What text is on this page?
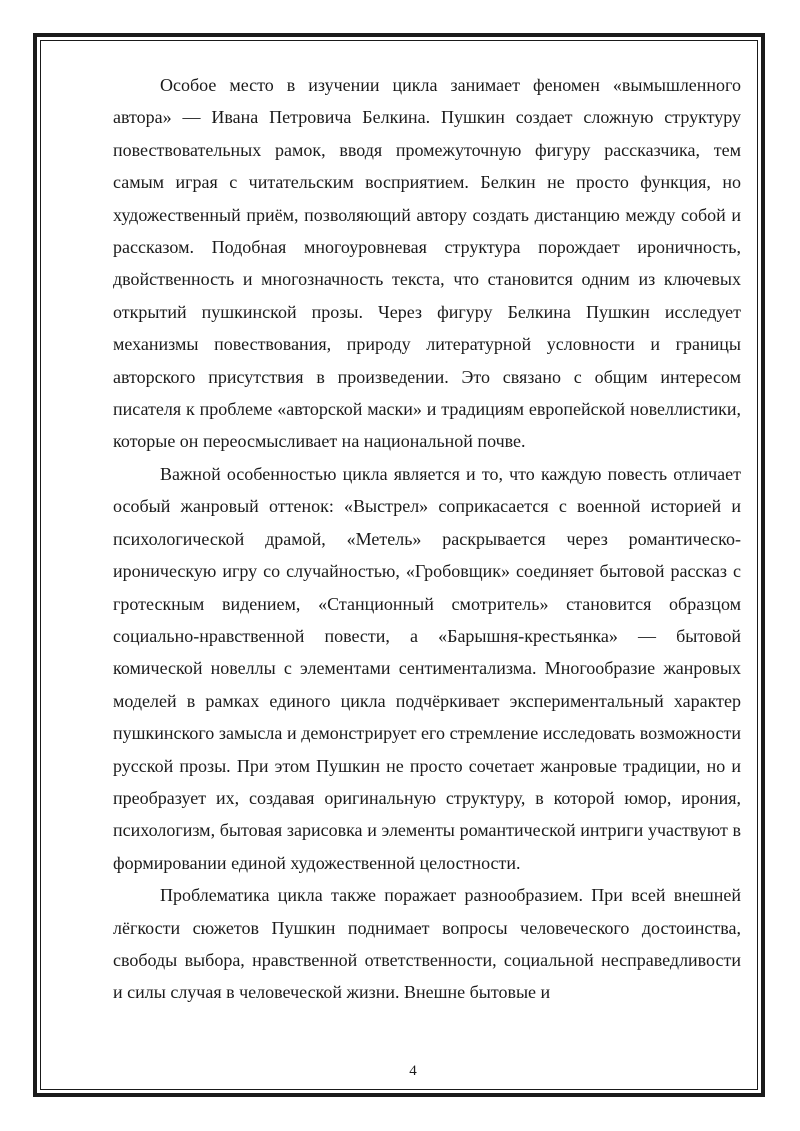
Особое место в изучении цикла занимает феномен «вымышленного автора» — Ивана Петровича Белкина. Пушкин создает сложную структуру повествовательных рамок, вводя промежуточную фигуру рассказчика, тем самым играя с читательским восприятием. Белкин не просто функция, но художественный приём, позволяющий автору создать дистанцию между собой и рассказом. Подобная многоуровневая структура порождает ироничность, двойственность и многозначность текста, что становится одним из ключевых открытий пушкинской прозы. Через фигуру Белкина Пушкин исследует механизмы повествования, природу литературной условности и границы авторского присутствия в произведении. Это связано с общим интересом писателя к проблеме «авторской маски» и традициям европейской новеллистики, которые он переосмысливает на национальной почве.

Важной особенностью цикла является и то, что каждую повесть отличает особый жанровый оттенок: «Выстрел» соприкасается с военной историей и психологической драмой, «Метель» раскрывается через романтическо-ироническую игру со случайностью, «Гробовщик» соединяет бытовой рассказ с гротескным видением, «Станционный смотритель» становится образцом социально-нравственной повести, а «Барышня-крестьянка» — бытовой комической новеллы с элементами сентиментализма. Многообразие жанровых моделей в рамках единого цикла подчёркивает экспериментальный характер пушкинского замысла и демонстрирует его стремление исследовать возможности русской прозы. При этом Пушкин не просто сочетает жанровые традиции, но и преобразует их, создавая оригинальную структуру, в которой юмор, ирония, психологизм, бытовая зарисовка и элементы романтической интриги участвуют в формировании единой художественной целостности.

Проблематика цикла также поражает разнообразием. При всей внешней лёгкости сюжетов Пушкин поднимает вопросы человеческого достоинства, свободы выбора, нравственной ответственности, социальной несправедливости и силы случая в человеческой жизни. Внешне бытовые и

4
